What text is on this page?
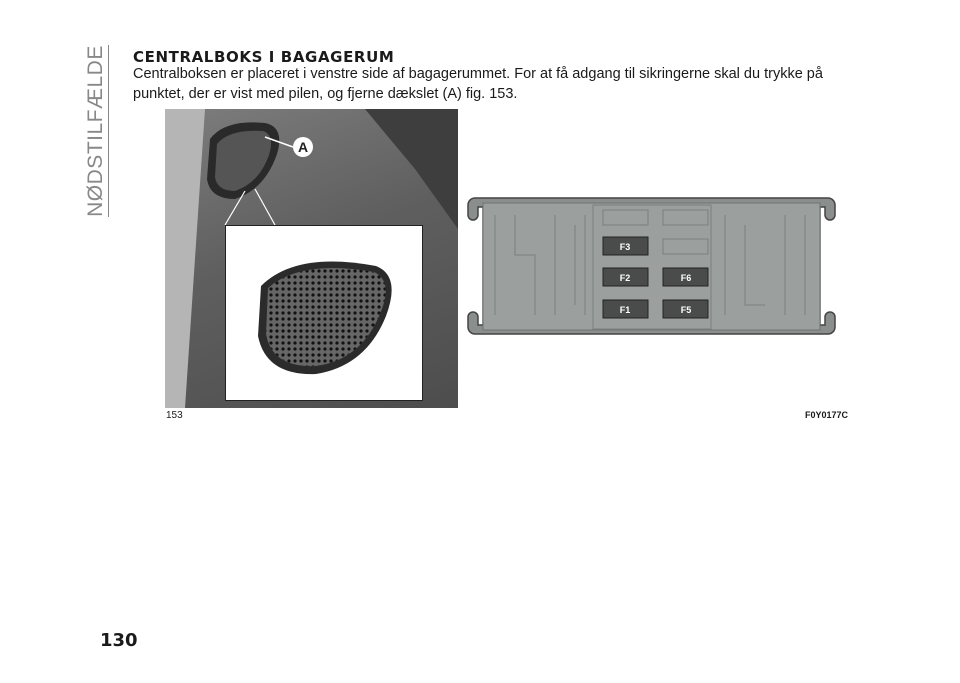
NØDSTILFÆLDE CENTRALBOKS I BAGAGERUM
Centralboksen er placeret i venstre side af bagagerummet. For at få adgang til sikringerne skal du trykke på punktet, der er vist med pilen, og fjerne dækslet (A) fig. 153.
A
F3
F2	F6
F1	F5
153	F0Y0177C
130
